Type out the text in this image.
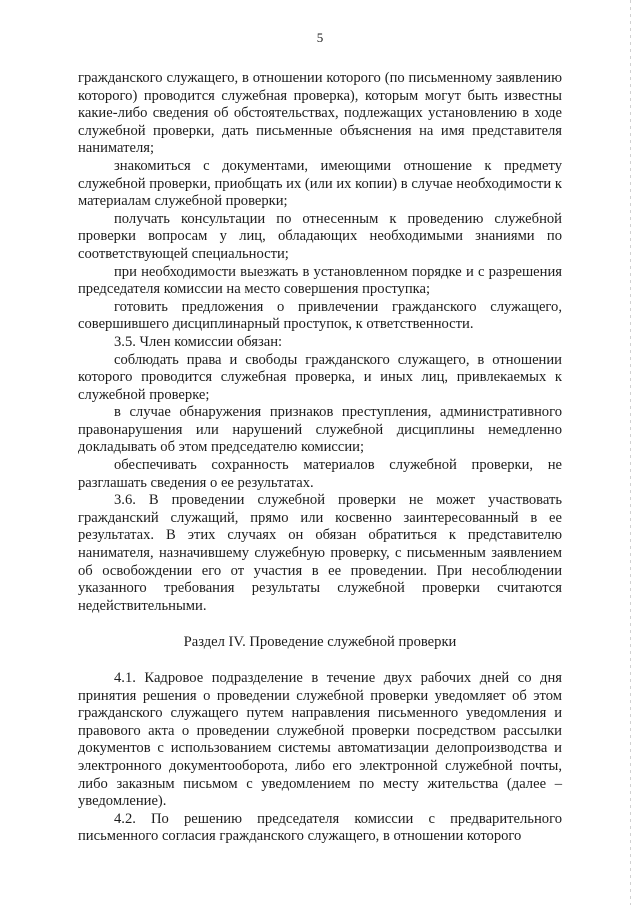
5

гражданского служащего, в отношении которого (по письменному заявлению которого) проводится служебная проверка), которым могут быть известны какие-либо сведения об обстоятельствах, подлежащих установлению в ходе служебной проверки, дать письменные объяснения на имя представителя нанимателя;

знакомиться с документами, имеющими отношение к предмету служебной проверки, приобщать их (или их копии) в случае необходимости к материалам служебной проверки;

получать консультации по отнесенным к проведению служебной проверки вопросам у лиц, обладающих необходимыми знаниями по соответствующей специальности;

при необходимости выезжать в установленном порядке и с разрешения председателя комиссии на место совершения проступка;

готовить предложения о привлечении гражданского служащего, совершившего дисциплинарный проступок, к ответственности.

3.5. Член комиссии обязан:

соблюдать права и свободы гражданского служащего, в отношении которого проводится служебная проверка, и иных лиц, привлекаемых к служебной проверке;

в случае обнаружения признаков преступления, административного правонарушения или нарушений служебной дисциплины немедленно докладывать об этом председателю комиссии;

обеспечивать сохранность материалов служебной проверки, не разглашать сведения о ее результатах.

3.6. В проведении служебной проверки не может участвовать гражданский служащий, прямо или косвенно заинтересованный в ее результатах. В этих случаях он обязан обратиться к представителю нанимателя, назначившему служебную проверку, с письменным заявлением об освобождении его от участия в ее проведении. При несоблюдении указанного требования результаты служебной проверки считаются недействительными.

Раздел IV. Проведение служебной проверки

4.1. Кадровое подразделение в течение двух рабочих дней со дня принятия решения о проведении служебной проверки уведомляет об этом гражданского служащего путем направления письменного уведомления и правового акта о проведении служебной проверки посредством рассылки документов с использованием системы автоматизации делопроизводства и электронного документооборота, либо его электронной служебной почты, либо заказным письмом с уведомлением по месту жительства (далее – уведомление).

4.2. По решению председателя комиссии с предварительного письменного согласия гражданского служащего, в отношении которого
